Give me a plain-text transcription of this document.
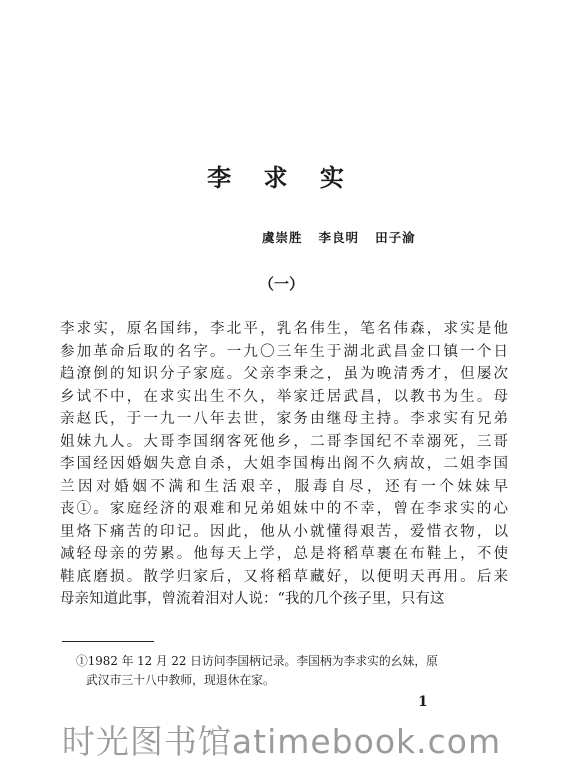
李 求 实
虞崇胜   李良明   田子渝
（一）
李求实，原名国纬，李北平，乳名伟生，笔名伟森，求实是他
参加革命后取的名字。一九〇三年生于湖北武昌金口镇一个日
趋潦倒的知识分子家庭。父亲李秉之，虽为晚清秀才，但屡次
乡试不中，在求实出生不久，举家迁居武昌，以教书为生。母
亲赵氏，于一九一八年去世，家务由继母主持。李求实有兄弟
姐妹九人。大哥李国纲客死他乡，二哥李国纪不幸溺死，三哥
李国经因婚姻失意自杀，大姐李国梅出阁不久病故，二姐李国
兰因对婚姻不满和生活艰辛，服毒自尽，还有一个妹妹早
丧①。家庭经济的艰难和兄弟姐妹中的不幸，曾在李求实的心
里烙下痛苦的印记。因此，他从小就懂得艰苦，爱惜衣物，以
减轻母亲的劳累。他每天上学，总是将稻草裹在布鞋上，不使
鞋底磨损。散学归家后，又将稻草藏好，以便明天再用。后来
母亲知道此事，曾流着泪对人说：“我的几个孩子里，只有这
①1982 年 12 月 22 日访问李国柄记录。李国柄为李求实的幺妹，原
武汉市三十八中教师，现退休在家。
1
时光图书馆atimebook.com
